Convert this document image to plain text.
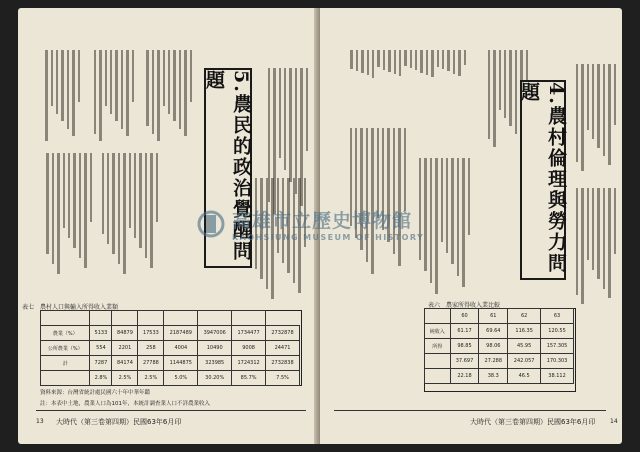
5.農民的政治覺醒問題
表七　農村人口與輸入所得收入業類

農業（%）	5133	84879	17533	2187489	3947006	1734477	2732878
公所農業（%）	554	2201	258	4004	10490	9008	24471
計	7287	84174	27788	1144875	323985	1724312	2732838
	2.8%	2.5%	2.5%	5.0%	30.20%	85.7%	7.5%
資料來源：台灣省統計處民國六十年中華年鑑
註：本表中土地，農業人口為101年，本統計調查業人口不詳農業收入
13 大時代（第三卷第四期）民國63年6月印
4.農村倫理與勞力問題
表六　農家所得收入業比較
	60	61	62	63
純收入	61.17	69.64	116.35	120.55
所得	98.85	98.06	45.95	157.305
	37.697	27.288	242.057	170.303
	22.18	38.3	46.5	38.112
大時代（第三卷第四期）民國63年6月印 14
高雄市立歷史博物館
KAOHSIUNG MUSEUM OF HISTORY
